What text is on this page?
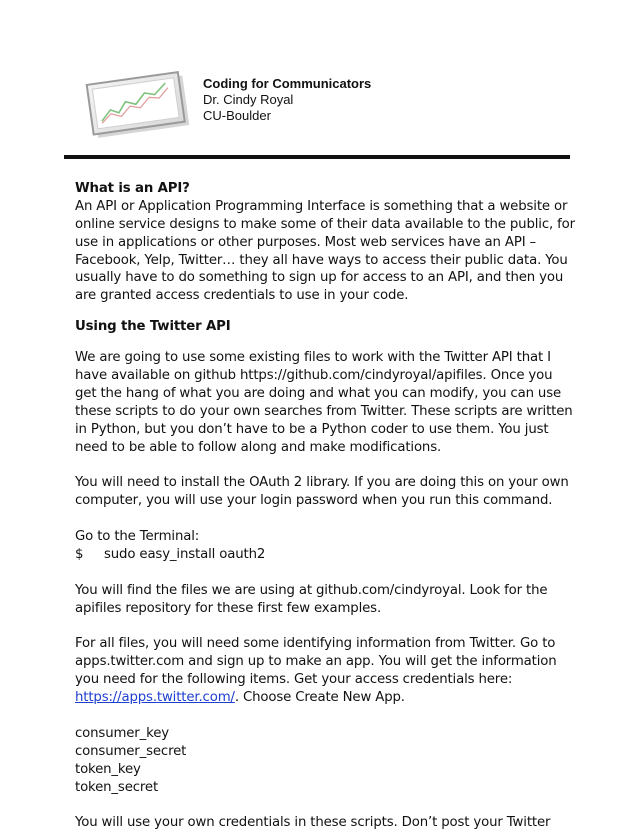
Coding for Communicators
Dr. Cindy Royal
CU-Boulder
What is an API?
An API or Application Programming Interface is something that a website or
online service designs to make some of their data available to the public, for
use in applications or other purposes. Most web services have an API –
Facebook, Yelp, Twitter… they all have ways to access their public data. You
usually have to do something to sign up for access to an API, and then you
are granted access credentials to use in your code.
Using the Twitter API
We are going to use some existing files to work with the Twitter API that I
have available on github https://github.com/cindyroyal/apifiles. Once you
get the hang of what you are doing and what you can modify, you can use
these scripts to do your own searches from Twitter. These scripts are written
in Python, but you don’t have to be a Python coder to use them. You just
need to be able to follow along and make modifications.
You will need to install the OAuth 2 library. If you are doing this on your own
computer, you will use your login password when you run this command.
Go to the Terminal:
$ sudo easy_install oauth2
You will find the files we are using at github.com/cindyroyal. Look for the
apifiles repository for these first few examples.
For all files, you will need some identifying information from Twitter. Go to
apps.twitter.com and sign up to make an app. You will get the information
you need for the following items. Get your access credentials here:
https://apps.twitter.com/. Choose Create New App.
consumer_key
consumer_secret
token_key
token_secret
You will use your own credentials in these scripts. Don’t post your Twitter
